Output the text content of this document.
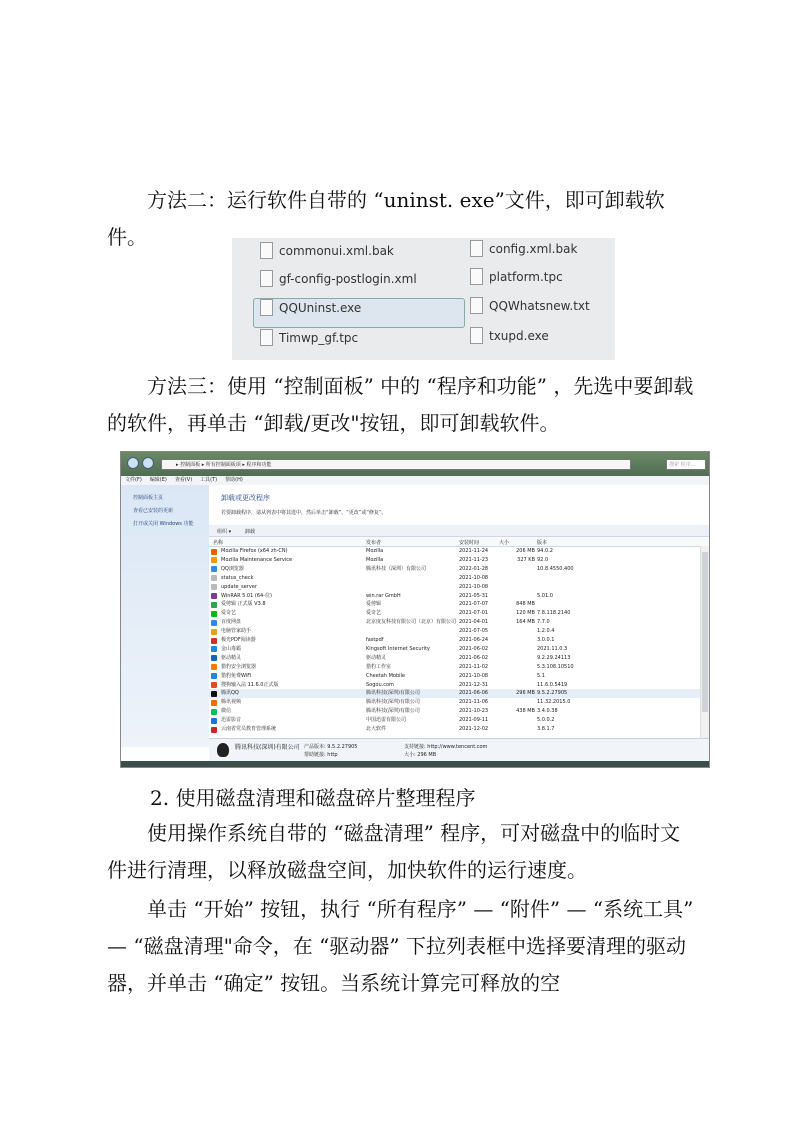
方法二：运行软件自带的 “uninst. exe”文件，即可卸载软件。

commonui.xml.bak
gf-config-postlogin.xml
QQUninst.exe
Timwp_gf.tpc
config.xml.bak
platform.tpc
QQWhatsnew.txt
txupd.exe

方法三：使用 “控制面板” 中的 “程序和功能” ，先选中要卸载的软件，再单击 “卸载/更改"按钮，即可卸载软件。

▸ 控制面板 ▸ 所有控制面板项 ▸ 程序和功能	搜索 程序...
文件(F) 编辑(E) 查看(V) 工具(T) 帮助(H)
控制面板主页
查看已安装的更新
打开或关闭 Windows 功能
卸载或更改程序
若要卸载程序，请从列表中将其选中，然后单击“卸载”、“更改”或“修复”。
组织 ▾	卸载
名称	发布者	安装时间	大小	版本
Mozilla Firefox (x64 zh-CN)	Mozilla	2021-11-24	206 MB 94.0.2
Mozilla Maintenance Service	Mozilla	2021-11-23	327 KB 92.0
QQ浏览器	腾讯科技（深圳）有限公司	2022-01-28	10.8.4550.400
status_check	2021-10-08
update_server	2021-10-08
WinRAR 5.01 (64-位)	win.rar GmbH	2021-05-31	5.01.0
爱剪辑 正式版 V3.8	爱剪辑	2021-07-07	848 MB
爱奇艺	爱奇艺	2021-07-01	120 MB 7.8.118.2140
百度网盘	北京度友科技有限公司（北京）有限公司 2021-04-01	164 MB 7.7.0
电脑管家助手	2021-07-05	1.2.0.4
极光PDF阅读器	fastpdf	2021-06-24	3.0.0.1
金山毒霸	Kingsoft Internet Security	2021-06-02	2021.11.0.3
驱动精灵	驱动精灵	2021-06-02	9.2.29.24113
猎豹安全浏览器	猎豹工作室	2021-11-02	5.3.108.10510
猎豹免费WiFi	Cheetah Mobile	2021-10-08	5.1
搜狗输入法 11.6.0正式版	Sogou.com	2021-12-31	11.6.0.5419
腾讯QQ	腾讯科技(深圳)有限公司	2021-06-06	296 MB 9.5.2.27905
腾讯视频	腾讯科技(深圳)有限公司	2021-11-06	11.32.2015.0
微信	腾讯科技(深圳)有限公司	2021-10-23	438 MB 3.4.0.38
迅雷影音	中国迅雷有限公司	2021-09-11	5.0.0.2
云南省党员教育管理系统	北大软件	2021-12-02	3.8.1.7
腾讯科技(深圳)有限公司 产品版本: 9.5.2.27905	支持链接: http://www.tencent.com
帮助链接: http	大小: 296 MB

2. 使用磁盘清理和磁盘碎片整理程序

使用操作系统自带的 “磁盘清理” 程序，可对磁盘中的临时文件进行清理，以释放磁盘空间，加快软件的运行速度。

单击 “开始” 按钮，执行 “所有程序” — “附件” — “系统工具” — “磁盘清理"命令，在 “驱动器” 下拉列表框中选择要清理的驱动器，并单击 “确定” 按钮。当系统计算完可释放的空
